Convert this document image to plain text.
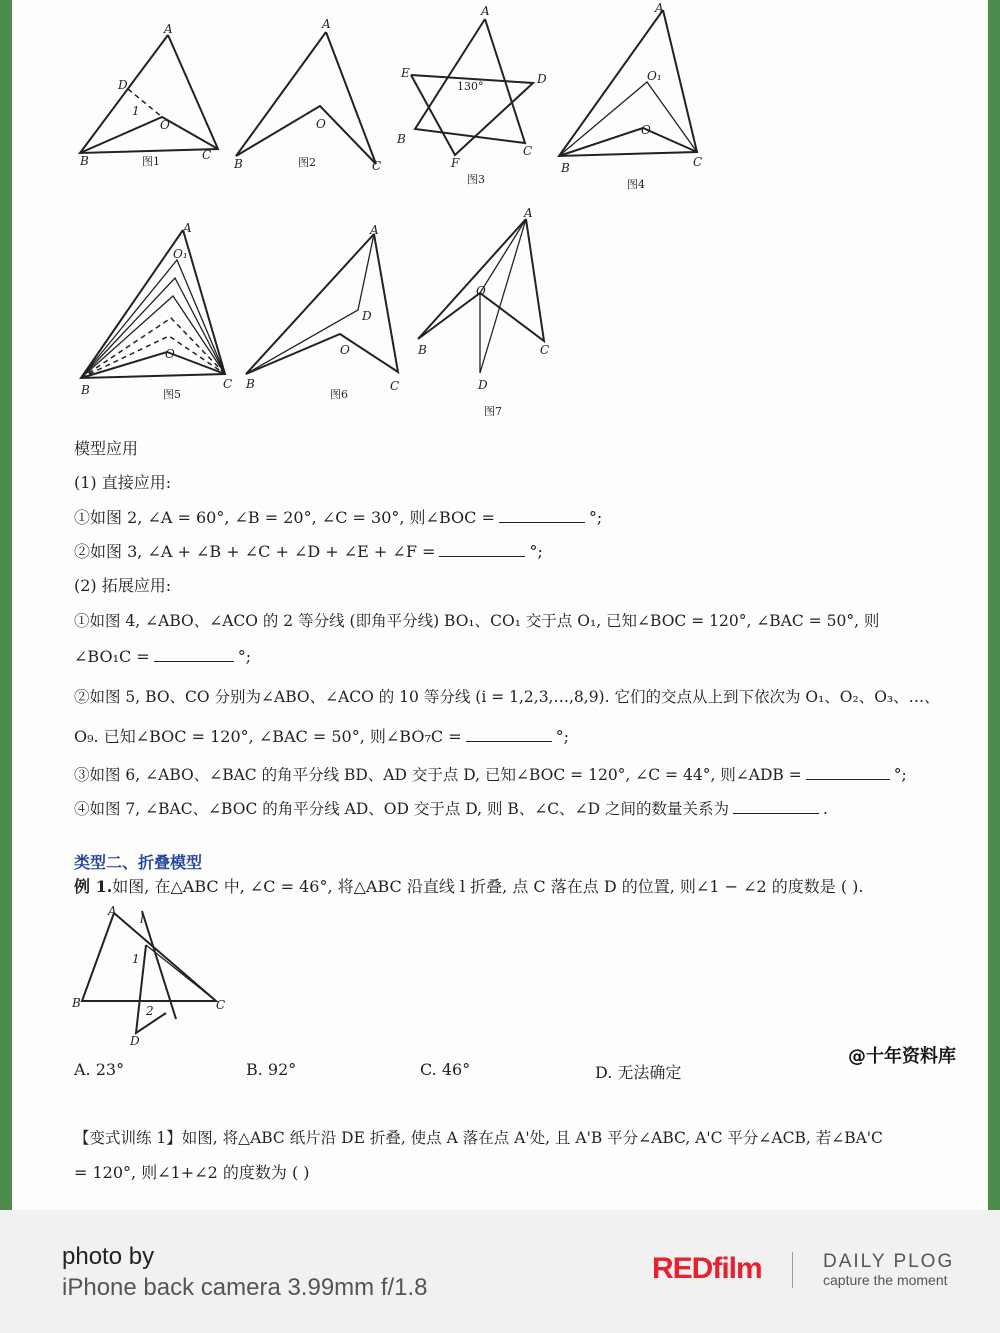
A
D
1
O
B	C
图1
A
O
B	C
图2
A
E	D
130°
B
C
F
图3
A
O₁
O
B	C
图4
A
O₁
O
B	C
图5
A
D
O
B	C
图6
A
O
B	C
D
图7
模型应用
(1) 直接应用:
①如图 2, ∠A = 60°, ∠B = 20°, ∠C = 30°, 则∠BOC =	°;
②如图 3, ∠A + ∠B + ∠C + ∠D + ∠E + ∠F =	°;
(2) 拓展应用:
①如图 4, ∠ABO、∠ACO 的 2 等分线 (即角平分线) BO₁、CO₁ 交于点 O₁, 已知∠BOC = 120°, ∠BAC = 50°, 则
∠BO₁C =	°;
②如图 5, BO、CO 分别为∠ABO、∠ACO 的 10 等分线 (i = 1,2,3,…,8,9). 它们的交点从上到下依次为 O₁、O₂、O₃、…、
O₉. 已知∠BOC = 120°, ∠BAC = 50°, 则∠BO₇C =	°;
③如图 6, ∠ABO、∠BAC 的角平分线 BD、AD 交于点 D, 已知∠BOC = 120°, ∠C = 44°, 则∠ADB =	°;
④如图 7, ∠BAC、∠BOC 的角平分线 AD、OD 交于点 D, 则 B、∠C、∠D 之间的数量关系为	.
类型二、折叠模型
例 1.如图, 在△ABC 中, ∠C = 46°, 将△ABC 沿直线 l 折叠, 点 C 落在点 D 的位置, 则∠1 − ∠2 的度数是 ( ).
A
l
1
B	C
2
D
A. 23°	B. 92°	C. 46°	D. 无法确定
@十年资料库
【变式训练 1】如图, 将△ABC 纸片沿 DE 折叠, 使点 A 落在点 A'处, 且 A'B 平分∠ABC, A'C 平分∠ACB, 若∠BA'C
= 120°, 则∠1+∠2 的度数为 ( )
photo by
iPhone back camera 3.99mm f/1.8
REDfilm	DAILY PLOG
capture the moment
